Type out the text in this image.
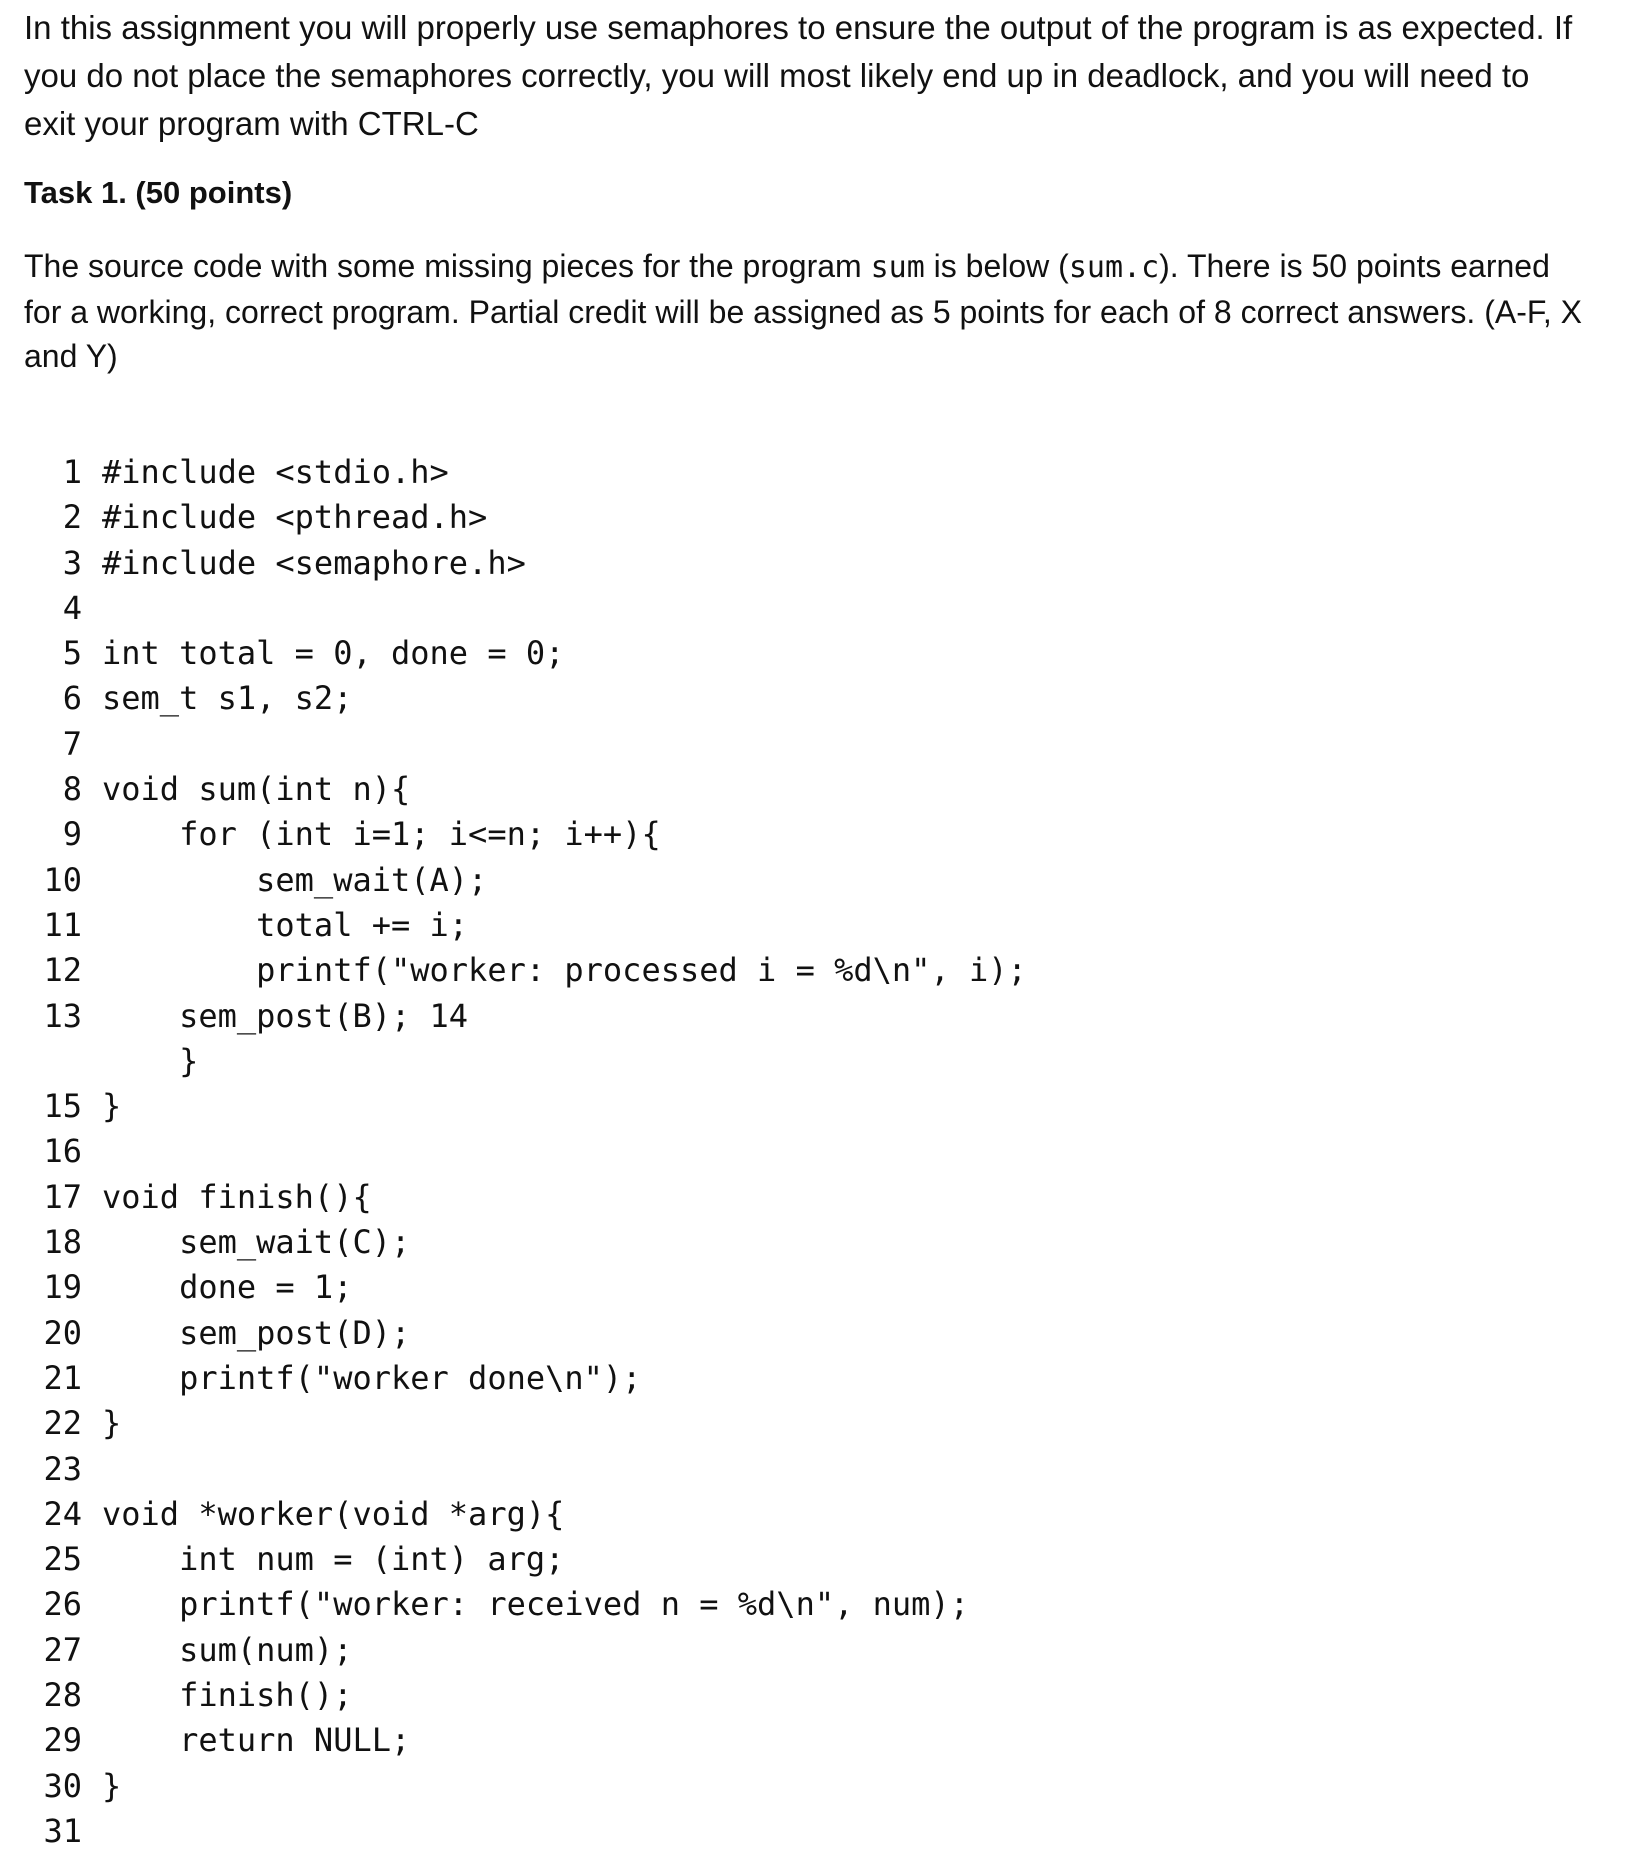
In this assignment you will properly use semaphores to ensure the output of the program is as expected. If you do not place the semaphores correctly, you will most likely end up in deadlock, and you will need to exit your program with CTRL-C

Task 1. (50 points)

The source code with some missing pieces for the program sum is below (sum.c). There is 50 points earned for a working, correct program. Partial credit will be assigned as 5 points for each of 8 correct answers. (A-F, X and Y)

1 #include <stdio.h>
2 #include <pthread.h>
3 #include <semaphore.h>
4
5 int total = 0, done = 0;
6 sem_t s1, s2;
7
8 void sum(int n){
9 for (int i=1; i<=n; i++){
10 sem_wait(A);
11 total += i;
12 printf("worker: processed i = %d\n", i);
13 sem_post(B); 14
}
15 }
16
17 void finish(){
18 sem_wait(C);
19 done = 1;
20 sem_post(D);
21 printf("worker done\n");
22 }
23
24 void *worker(void *arg){
25 int num = (int) arg;
26 printf("worker: received n = %d\n", num);
27 sum(num);
28 finish();
29 return NULL;
30 }
31
